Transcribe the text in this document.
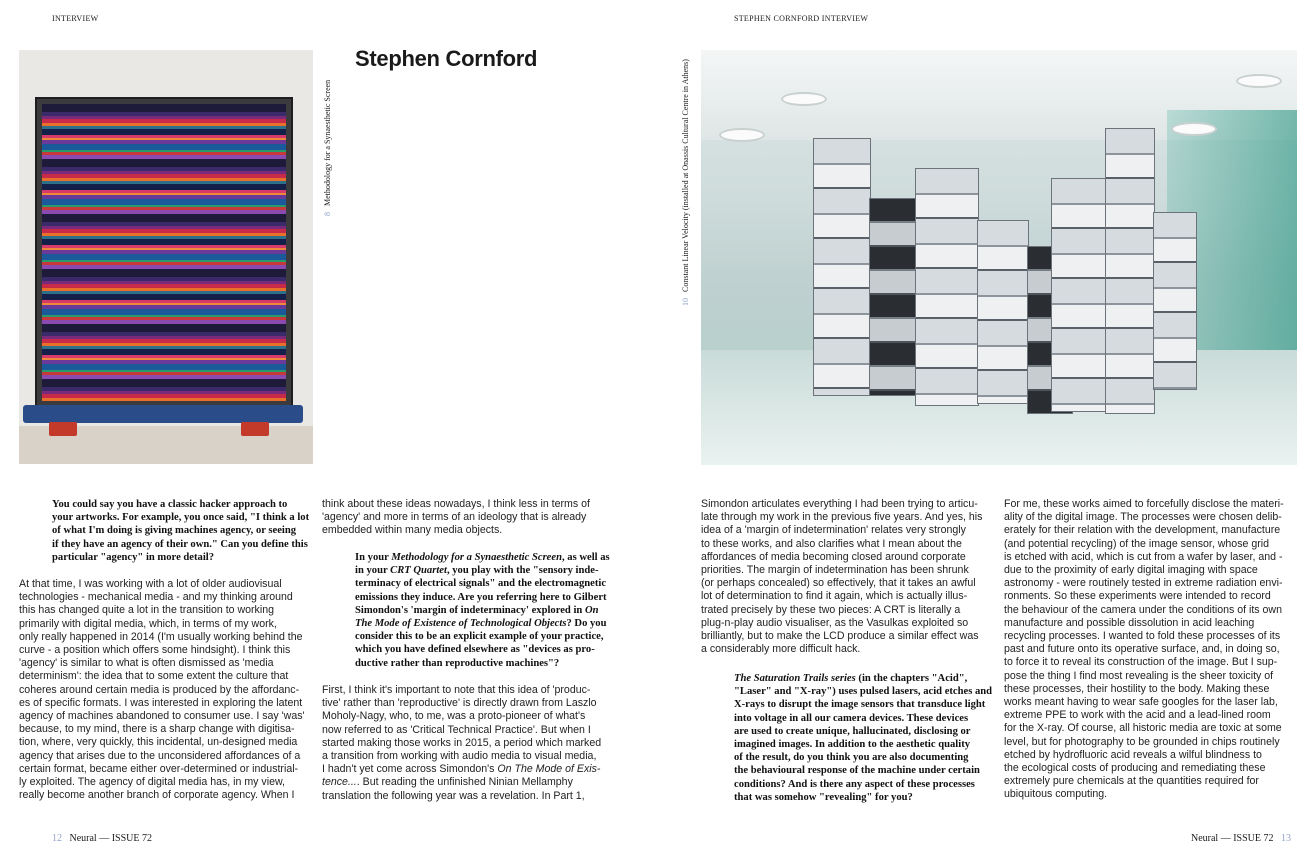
INTERVIEW	STEPHEN CORNFORD INTERVIEW
8Methodology for a Synaesthetic Screen
Stephen Cornford
10Constant Linear Velocity (installed at Onassis Cultural Centre in Athens)

You could say you have a classic hacker approach to

your artworks. For example, you once said, "I think a lot

of what I'm doing is giving machines agency, or seeing

if they have an agency of their own." Can you define this

particular "agency" in more detail?

At that time, I was working with a lot of older audiovisual

technologies - mechanical media - and my thinking around

this has changed quite a lot in the transition to working

primarily with digital media, which, in terms of my work,

only really happened in 2014 (I'm usually working behind the

curve - a position which offers some hindsight). I think this

'agency' is similar to what is often dismissed as 'media

determinism': the idea that to some extent the culture that

coheres around certain media is produced by the affordanc-

es of specific formats. I was interested in exploring the latent

agency of machines abandoned to consumer use. I say 'was'

because, to my mind, there is a sharp change with digitisa-

tion, where, very quickly, this incidental, un-designed media

agency that arises due to the unconsidered affordances of a

certain format, became either over-determined or industrial-

ly exploited. The agency of digital media has, in my view,

really become another branch of corporate agency. When I

think about these ideas nowadays, I think less in terms of

'agency' and more in terms of an ideology that is already

embedded within many media objects.

In your Methodology for a Synaesthetic Screen, as well as

in your CRT Quartet, you play with the "sensory inde-

terminacy of electrical signals" and the electromagnetic

emissions they induce. Are you referring here to Gilbert

Simondon's 'margin of indeterminacy' explored in On

The Mode of Existence of Technological Objects? Do you

consider this to be an explicit example of your practice,

which you have defined elsewhere as "devices as pro-

ductive rather than reproductive machines"?

First, I think it's important to note that this idea of 'produc-

tive' rather than 'reproductive' is directly drawn from Laszlo

Moholy-Nagy, who, to me, was a proto-pioneer of what's

now referred to as 'Critical Technical Practice'. But when I

started making those works in 2015, a period which marked

a transition from working with audio media to visual media,

I hadn't yet come across Simondon's On The Mode of Exis-

tence.... But reading the unfinished Ninian Mellamphy

translation the following year was a revelation. In Part 1,

Simondon articulates everything I had been trying to articu-

late through my work in the previous five years. And yes, his

idea of a 'margin of indetermination' relates very strongly

to these works, and also clarifies what I mean about the

affordances of media becoming closed around corporate

priorities. The margin of indetermination has been shrunk

(or perhaps concealed) so effectively, that it takes an awful

lot of determination to find it again, which is actually illus-

trated precisely by these two pieces: A CRT is literally a

plug-n-play audio visualiser, as the Vasulkas exploited so

brilliantly, but to make the LCD produce a similar effect was

a considerably more difficult hack.

The Saturation Trails series (in the chapters "Acid",

"Laser" and "X-ray") uses pulsed lasers, acid etches and

X-rays to disrupt the image sensors that transduce light

into voltage in all our camera devices. These devices

are used to create unique, hallucinated, disclosing or

imagined images. In addition to the aesthetic quality

of the result, do you think you are also documenting

the behavioural response of the machine under certain

conditions? And is there any aspect of these processes

that was somehow "revealing" for you?

For me, these works aimed to forcefully disclose the materi-

ality of the digital image. The processes were chosen delib-

erately for their relation with the development, manufacture

(and potential recycling) of the image sensor, whose grid

is etched with acid, which is cut from a wafer by laser, and -

due to the proximity of early digital imaging with space

astronomy - were routinely tested in extreme radiation envi-

ronments. So these experiments were intended to record

the behaviour of the camera under the conditions of its own

manufacture and possible dissolution in acid leaching

recycling processes. I wanted to fold these processes of its

past and future onto its operative surface, and, in doing so,

to force it to reveal its construction of the image. But I sup-

pose the thing I find most revealing is the sheer toxicity of

these processes, their hostility to the body. Making these

works meant having to wear safe googles for the laser lab,

extreme PPE to work with the acid and a lead-lined room

for the X-ray. Of course, all historic media are toxic at some

level, but for photography to be grounded in chips routinely

etched by hydrofluoric acid reveals a wilful blindness to

the ecological costs of producing and remediating these

extremely pure chemicals at the quantities required for

ubiquitous computing.

12 Neural — ISSUE 72	Neural — ISSUE 72 13
